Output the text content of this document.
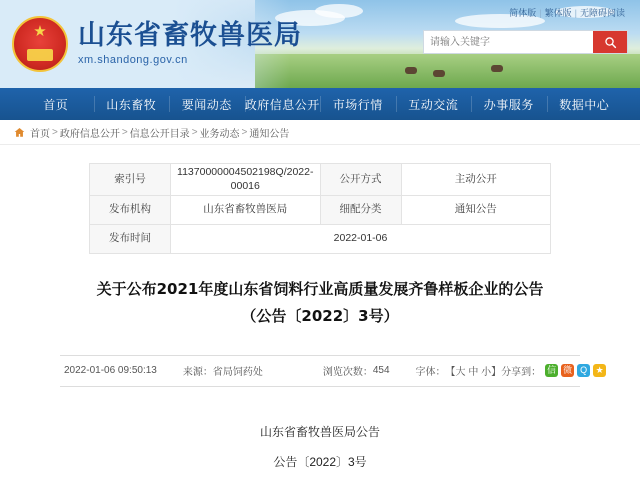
★
山东省畜牧兽医局
xm.shandong.gov.cn
简体版 | 繁体版 | 无障碍阅读
请输入关键字
首页	山东畜牧	要闻动态	政府信息公开	市场行情	互动交流	办事服务	数据中心
首页 > 政府信息公开 > 信息公开目录 > 业务动态 > 通知公告
索引号	11370000004502198Q/2022-00016	公开方式	主动公开
发布机构	山东省畜牧兽医局	细配分类	通知公告
发布时间	2022-01-06		
关于公布2021年度山东省饲料行业高质量发展齐鲁样板企业的公告（公告〔2022〕3号）
2022-01-06 09:50:13	来源： 省局饲药处	浏览次数： 454	字体： 【大 中 小】 分享到：
信
微
Q
★

山东省畜牧兽医局公告

公告〔2022〕3号
